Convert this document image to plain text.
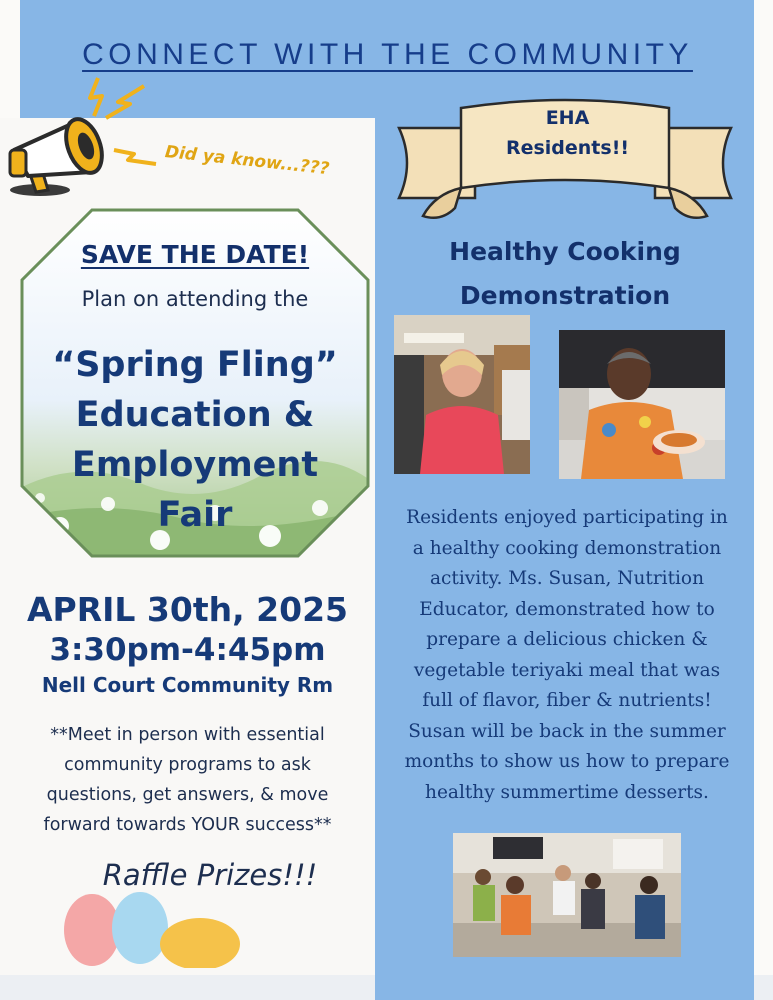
CONNECT WITH THE COMMUNITY
Did ya know...???
SAVE THE DATE!
Plan on attending the
“Spring Fling”
Education &
Employment
Fair
APRIL 30th, 2025
3:30pm-4:45pm
Nell Court Community Rm
**Meet in person with essential
community programs to ask
questions, get answers, & move
forward towards YOUR success**
Raffle Prizes!!!
EHA
Residents!!
Healthy Cooking
Demonstration
Residents enjoyed participating in
a healthy cooking demonstration
activity. Ms. Susan, Nutrition
Educator, demonstrated how to
prepare a delicious chicken &
vegetable teriyaki meal that was
full of flavor, fiber & nutrients!
Susan will be back in the summer
months to show us how to prepare
healthy summertime desserts.
